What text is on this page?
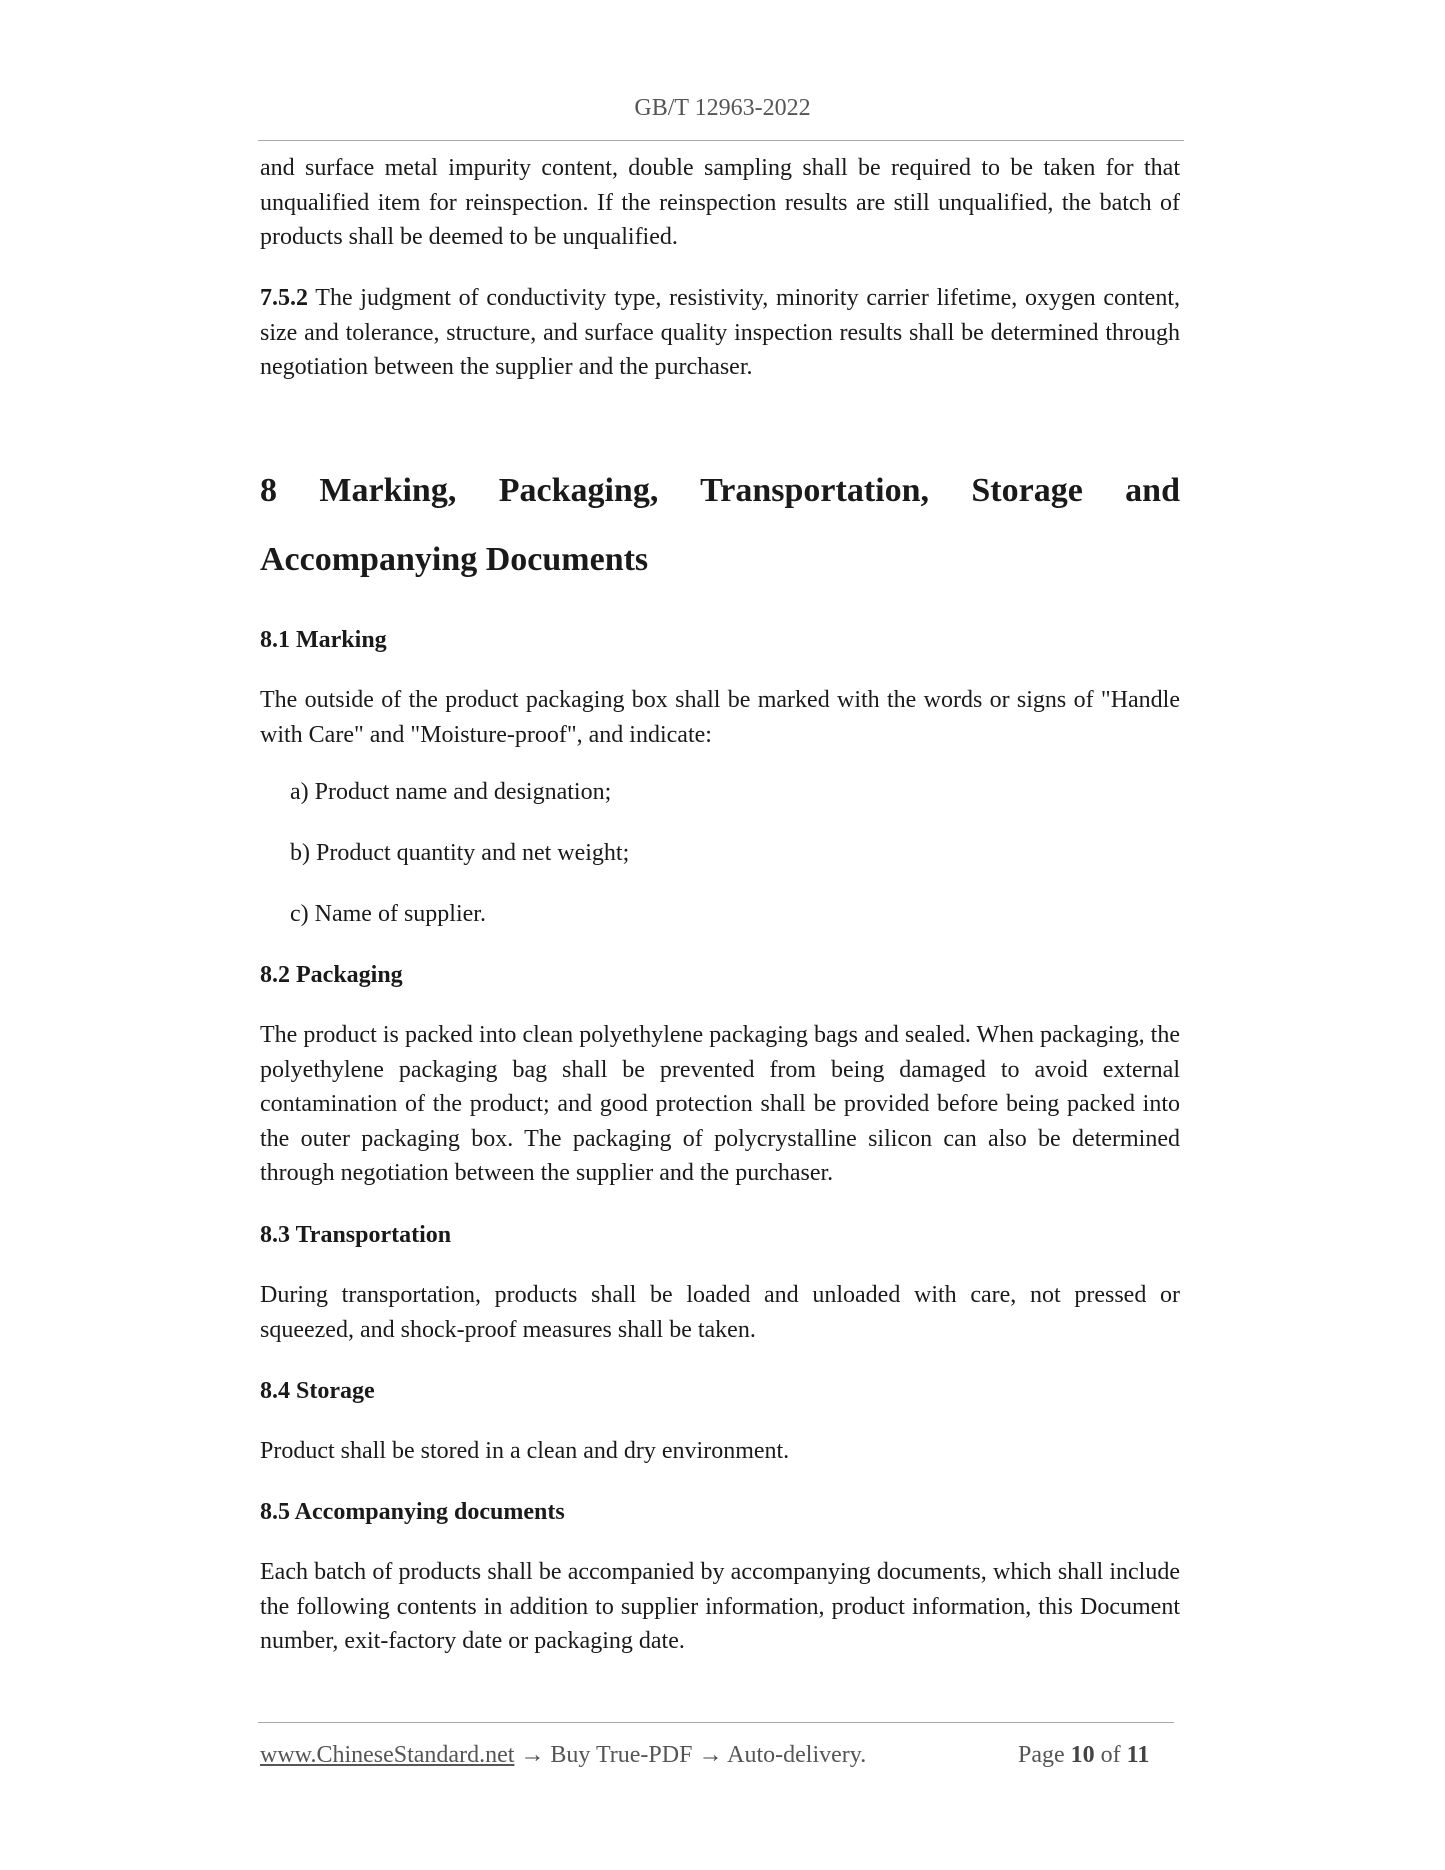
GB/T 12963-2022

and surface metal impurity content, double sampling shall be required to be taken for that unqualified item for reinspection. If the reinspection results are still unqualified, the batch of products shall be deemed to be unqualified.

7.5.2 The judgment of conductivity type, resistivity, minority carrier lifetime, oxygen content, size and tolerance, structure, and surface quality inspection results shall be determined through negotiation between the supplier and the purchaser.

8 Marking, Packaging, Transportation, Storage and

Accompanying Documents

8.1 Marking

The outside of the product packaging box shall be marked with the words or signs of "Handle with Care" and "Moisture-proof", and indicate:

a) Product name and designation;

b) Product quantity and net weight;

c) Name of supplier.

8.2 Packaging

The product is packed into clean polyethylene packaging bags and sealed. When packaging, the polyethylene packaging bag shall be prevented from being damaged to avoid external contamination of the product; and good protection shall be provided before being packed into the outer packaging box. The packaging of polycrystalline silicon can also be determined through negotiation between the supplier and the purchaser.

8.3 Transportation

During transportation, products shall be loaded and unloaded with care, not pressed or squeezed, and shock-proof measures shall be taken.

8.4 Storage

Product shall be stored in a clean and dry environment.

8.5 Accompanying documents

Each batch of products shall be accompanied by accompanying documents, which shall include the following contents in addition to supplier information, product information, this Document number, exit-factory date or packaging date.

www.ChineseStandard.net → Buy True-PDF → Auto-delivery.	Page 10 of 11
